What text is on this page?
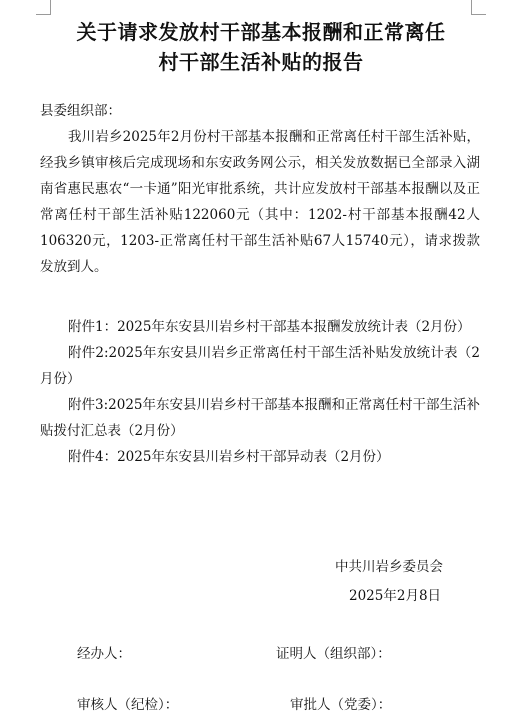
关于请求发放村干部基本报酬和正常离任
村干部生活补贴的报告
县委组织部：

我川岩乡2025年2月份村干部基本报酬和正常离任村干部生活补贴，经我乡镇审核后完成现场和东安政务网公示，相关发放数据已全部录入湖南省惠民惠农“一卡通”阳光审批系统，共计应发放村干部基本报酬以及正常离任村干部生活补贴122060元（其中：1202-村干部基本报酬42人106320元，1203-正常离任村干部生活补贴67人15740元），请求拨款发放到人。

附件1：2025年东安县川岩乡村干部基本报酬发放统计表（2月份）

附件2:2025年东安县川岩乡正常离任村干部生活补贴发放统计表（2月份）

附件3:2025年东安县川岩乡村干部基本报酬和正常离任村干部生活补贴拨付汇总表（2月份）

附件4：2025年东安县川岩乡村干部异动表（2月份）

中共川岩乡委员会
2025年2月8日
经办人：	证明人（组织部）：
审核人（纪检）：	审批人（党委）：
